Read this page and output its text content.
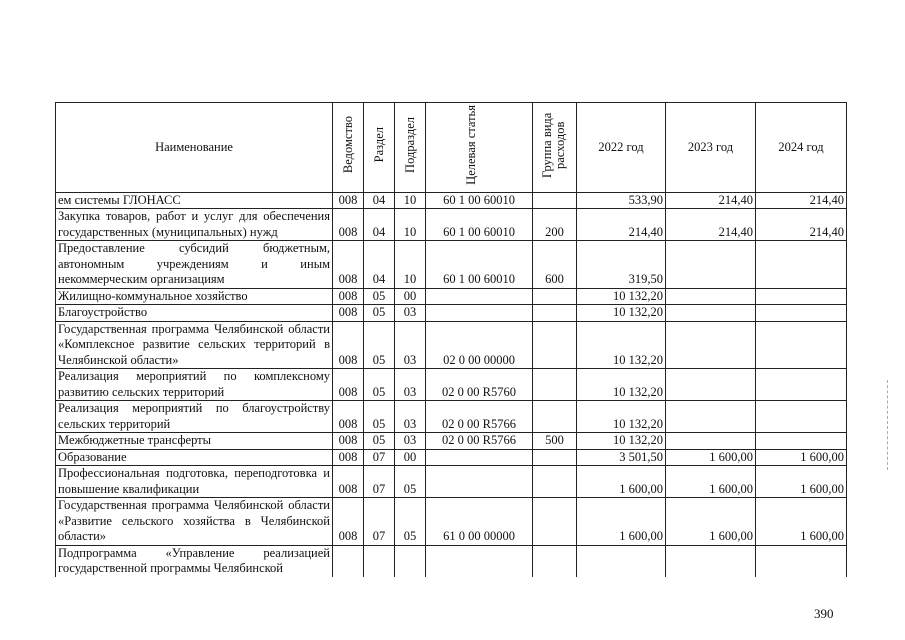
Наименование	Ведомство	Раздел	Подраздел	Целевая статья	Группа вида расходов	2022 год	2023 год	2024 год
ем системы ГЛОНАСС	008	04	10	60 1 00 60010		533,90	214,40	214,40
Закупка товаров, работ и услуг для обеспечения государственных (муниципальных) нужд	008	04	10	60 1 00 60010	200	214,40	214,40	214,40
Предоставление субсидий бюджетным, автономным учреждениям и иным некоммерческим организациям	008	04	10	60 1 00 60010	600	319,50		
Жилищно-коммунальное хозяйство	008	05	00			10 132,20		
Благоустройство	008	05	03			10 132,20		
Государственная программа Челябинской области «Комплексное развитие сельских территорий в Челябинской области»	008	05	03	02 0 00 00000		10 132,20		
Реализация мероприятий по комплексному развитию сельских территорий	008	05	03	02 0 00 R5760		10 132,20		
Реализация мероприятий по благоустройству сельских территорий	008	05	03	02 0 00 R5766		10 132,20		
Межбюджетные трансферты	008	05	03	02 0 00 R5766	500	10 132,20		
Образование	008	07	00			3 501,50	1 600,00	1 600,00
Профессиональная подготовка, переподготовка и повышение квалификации	008	07	05			1 600,00	1 600,00	1 600,00
Государственная программа Челябинской области «Развитие сельского хозяйства в Челябинской области»	008	07	05	61 0 00 00000		1 600,00	1 600,00	1 600,00
Подпрограмма «Управление реализацией государственной программы Челябинской								
390
